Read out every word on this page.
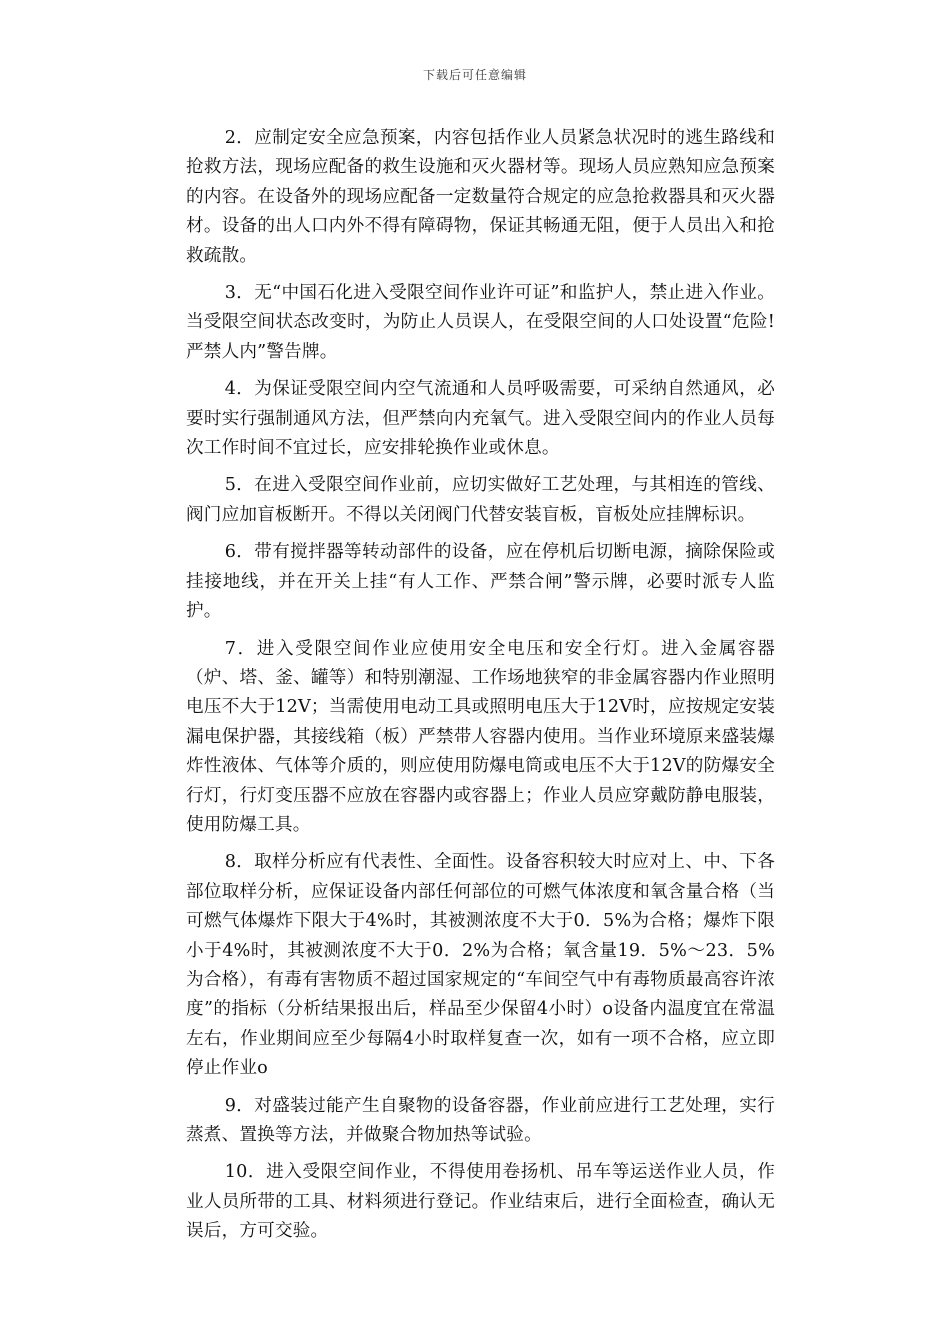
下载后可任意编辑

2．应制定安全应急预案，内容包括作业人员紧急状况时的逃生路线和抢救方法，现场应配备的救生设施和灭火器材等。现场人员应熟知应急预案的内容。在设备外的现场应配备一定数量符合规定的应急抢救器具和灭火器材。设备的出人口内外不得有障碍物，保证其畅通无阻，便于人员出入和抢救疏散。

3．无“中国石化进入受限空间作业许可证”和监护人，禁止进入作业。当受限空间状态改变时，为防止人员误人，在受限空间的人口处设置“危险!严禁人内”警告牌。

4．为保证受限空间内空气流通和人员呼吸需要，可采纳自然通风，必要时实行强制通风方法，但严禁向内充氧气。进入受限空间内的作业人员每次工作时间不宜过长，应安排轮换作业或休息。

5．在进入受限空间作业前，应切实做好工艺处理，与其相连的管线、阀门应加盲板断开。不得以关闭阀门代替安装盲板，盲板处应挂牌标识。

6．带有搅拌器等转动部件的设备，应在停机后切断电源，摘除保险或挂接地线，并在开关上挂“有人工作、严禁合闸”警示牌，必要时派专人监护。

7．进入受限空间作业应使用安全电压和安全行灯。进入金属容器（炉、塔、釜、罐等）和特别潮湿、工作场地狭窄的非金属容器内作业照明电压不大于12V；当需使用电动工具或照明电压大于12V时，应按规定安装漏电保护器，其接线箱（板）严禁带人容器内使用。当作业环境原来盛装爆炸性液体、气体等介质的，则应使用防爆电筒或电压不大于12V的防爆安全行灯，行灯变压器不应放在容器内或容器上；作业人员应穿戴防静电服装，使用防爆工具。

8．取样分析应有代表性、全面性。设备容积较大时应对上、中、下各部位取样分析，应保证设备内部任何部位的可燃气体浓度和氧含量合格（当可燃气体爆炸下限大于4%时，其被测浓度不大于0．5%为合格；爆炸下限小于4%时，其被测浓度不大于0．2%为合格；氧含量19．5%～23．5%为合格），有毒有害物质不超过国家规定的“车间空气中有毒物质最高容许浓度”的指标（分析结果报出后，样品至少保留4小时）o设备内温度宜在常温左右，作业期间应至少每隔4小时取样复查一次，如有一项不合格，应立即停止作业o

9．对盛装过能产生自聚物的设备容器，作业前应进行工艺处理，实行蒸煮、置换等方法，并做聚合物加热等试验。

10．进入受限空间作业，不得使用卷扬机、吊车等运送作业人员，作业人员所带的工具、材料须进行登记。作业结束后，进行全面检查，确认无误后，方可交验。
